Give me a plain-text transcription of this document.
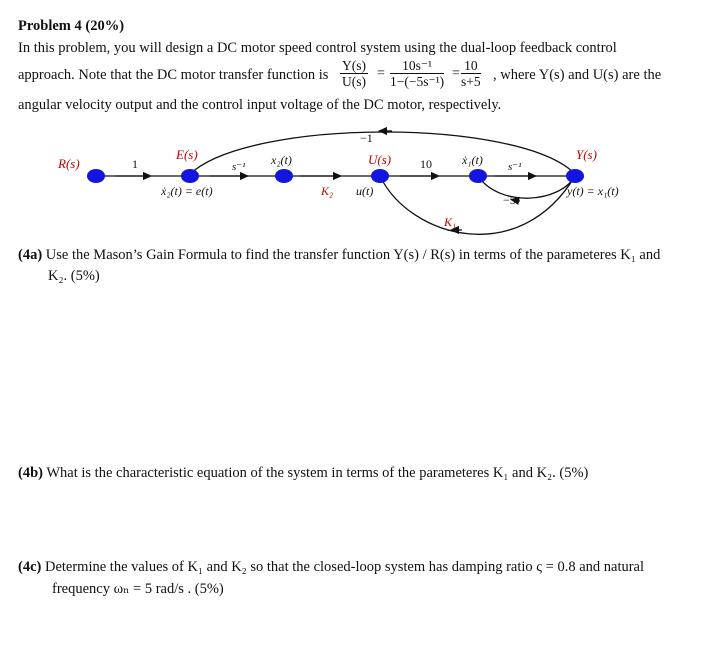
Problem 4 (20%)
In this problem, you will design a DC motor speed control system using the dual-loop feedback control
approach. Note that the DC motor transfer function is $\frac{Y(s)}{U(s)} = \frac{\text{10s⁻¹}}{\text{1−(−5s⁻¹)}} = \frac{10}{s+5}$ , where Y(s) and U(s) are the
angular velocity output and the control input voltage of the DC motor, respectively.
R(s)	1
E(s)
s⁻¹ x₂(t)
ẋ₂(t) = e(t)	K₂ u(t)
U(s) 10	ẋ₁(t) s⁻¹
Y(s)
y(t) = x₁(t)
−1
−5
K₁
(4a) Use the Mason’s Gain Formula to find the transfer function Y(s) / R(s) in terms of the parameteres K₁ and
K₂. (5%)
(4b) What is the characteristic equation of the system in terms of the parameteres K₁ and K₂. (5%)
(4c) Determine the values of K₁ and K₂ so that the closed-loop system has damping ratio ς = 0.8 and natural
frequency ωₙ = 5 rad/s . (5%)
